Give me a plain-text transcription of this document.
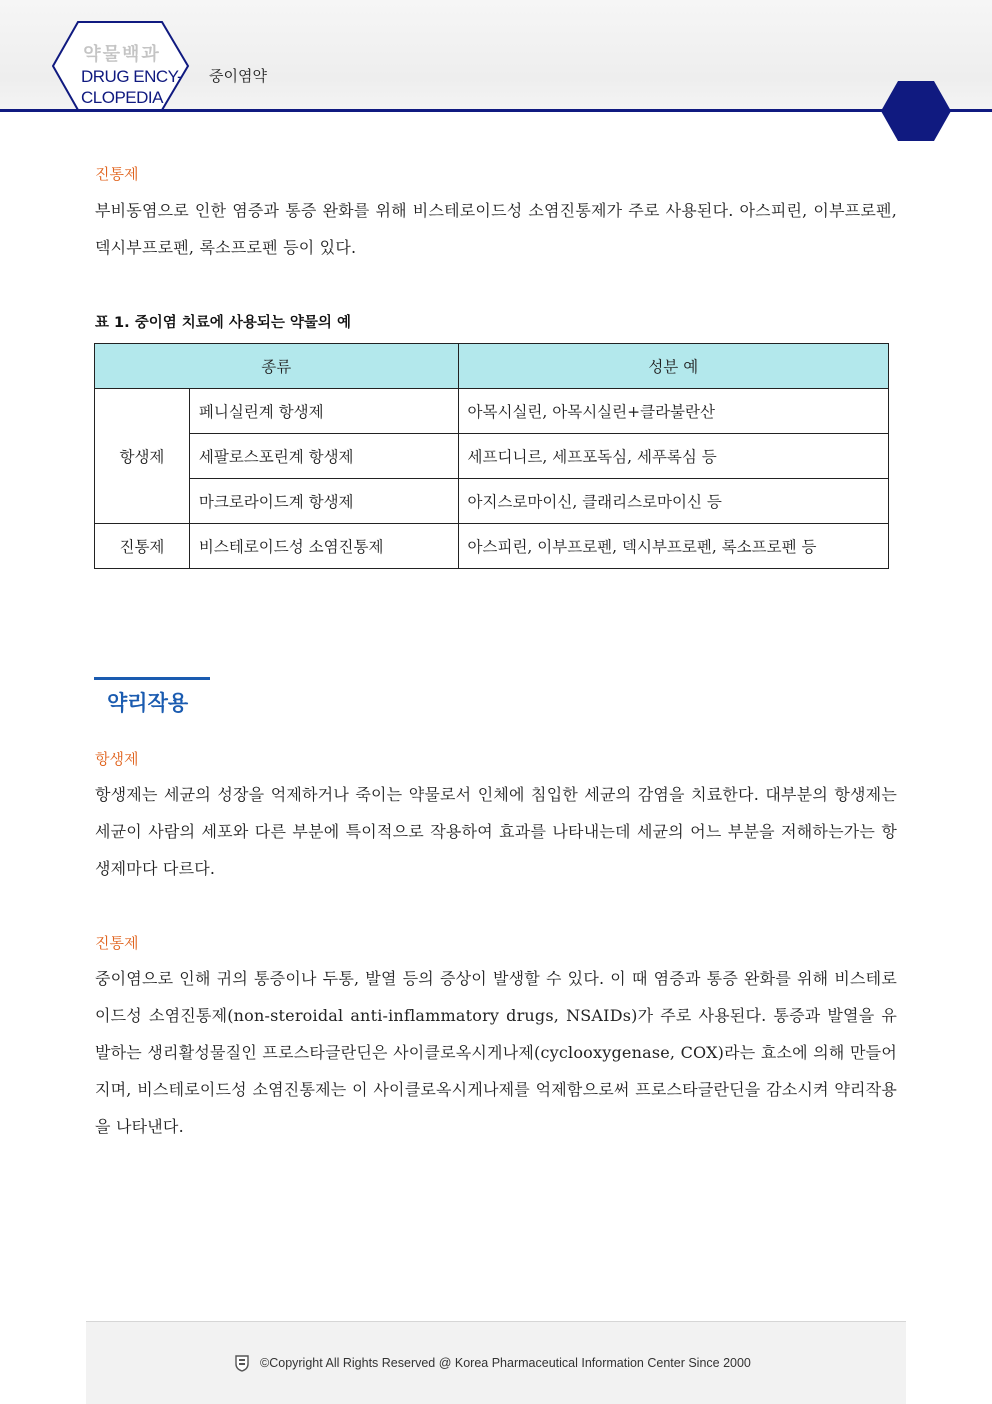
약물백과
DRUG ENCY-
CLOPEDIA
중이염약
진통제
부비동염으로 인한 염증과 통증 완화를 위해 비스테로이드성 소염진통제가 주로 사용된다. 아스피린, 이부프로펜, 덱시부프로펜, 록소프로펜 등이 있다.
표 1. 중이염 치료에 사용되는 약물의 예
종류		성분 예
항생제	페니실린계 항생제	아목시실린, 아목시실린+클라불란산
	세팔로스포린계 항생제	세프디니르, 세프포독심, 세푸록심 등
	마크로라이드계 항생제	아지스로마이신, 클래리스로마이신 등
진통제	비스테로이드성 소염진통제	아스피린, 이부프로펜, 덱시부프로펜, 록소프로펜 등
약리작용
항생제
항생제는 세균의 성장을 억제하거나 죽이는 약물로서 인체에 침입한 세균의 감염을 치료한다. 대부분의 항생제는 세균이 사람의 세포와 다른 부분에 특이적으로 작용하여 효과를 나타내는데 세균의 어느 부분을 저해하는가는 항생제마다 다르다.
진통제
중이염으로 인해 귀의 통증이나 두통, 발열 등의 증상이 발생할 수 있다. 이 때 염증과 통증 완화를 위해 비스테로이드성 소염진통제(non-steroidal anti-inflammatory drugs, NSAIDs)가 주로 사용된다. 통증과 발열을 유발하는 생리활성물질인 프로스타글란딘은 사이클로옥시게나제(cyclooxygenase, COX)라는 효소에 의해 만들어지며, 비스테로이드성 소염진통제는 이 사이클로옥시게나제를 억제함으로써 프로스타글란딘을 감소시켜 약리작용을 나타낸다.
©Copyright All Rights Reserved @ Korea Pharmaceutical Information Center Since 2000
